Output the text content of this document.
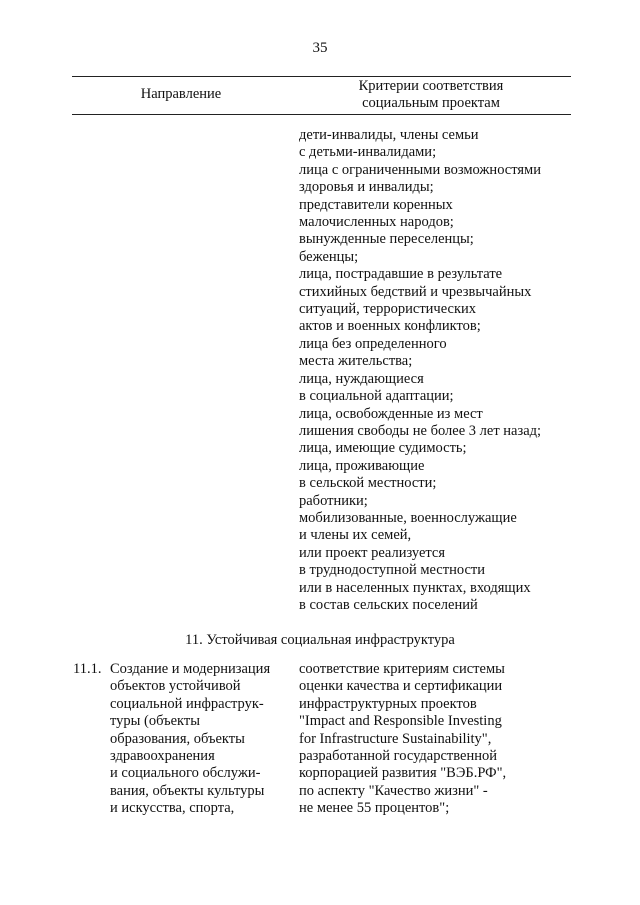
35
Направление	Критерии соответствия
социальным проектам
дети-инвалиды, члены семьи
с детьми-инвалидами;
лица с ограниченными возможностями
здоровья и инвалиды;
представители коренных
малочисленных народов;
вынужденные переселенцы;
беженцы;
лица, пострадавшие в результате
стихийных бедствий и чрезвычайных
ситуаций, террористических
актов и военных конфликтов;
лица без определенного
места жительства;
лица, нуждающиеся
в социальной адаптации;
лица, освобожденные из мест
лишения свободы не более 3 лет назад;
лица, имеющие судимость;
лица, проживающие
в сельской местности;
работники;
мобилизованные, военнослужащие
и члены их семей,
или проект реализуется
в труднодоступной местности
или в населенных пунктах, входящих
в состав сельских поселений
11. Устойчивая социальная инфраструктура
11.1. Создание и модернизация
объектов устойчивой
социальной инфраструк-
туры (объекты
образования, объекты
здравоохранения
и социального обслужи-
вания, объекты культуры
и искусства, спорта,
соответствие критериям системы
оценки качества и сертификации
инфраструктурных проектов
"Impact and Responsible Investing
for Infrastructure Sustainability",
разработанной государственной
корпорацией развития "ВЭБ.РФ",
по аспекту "Качество жизни" -
не менее 55 процентов";
